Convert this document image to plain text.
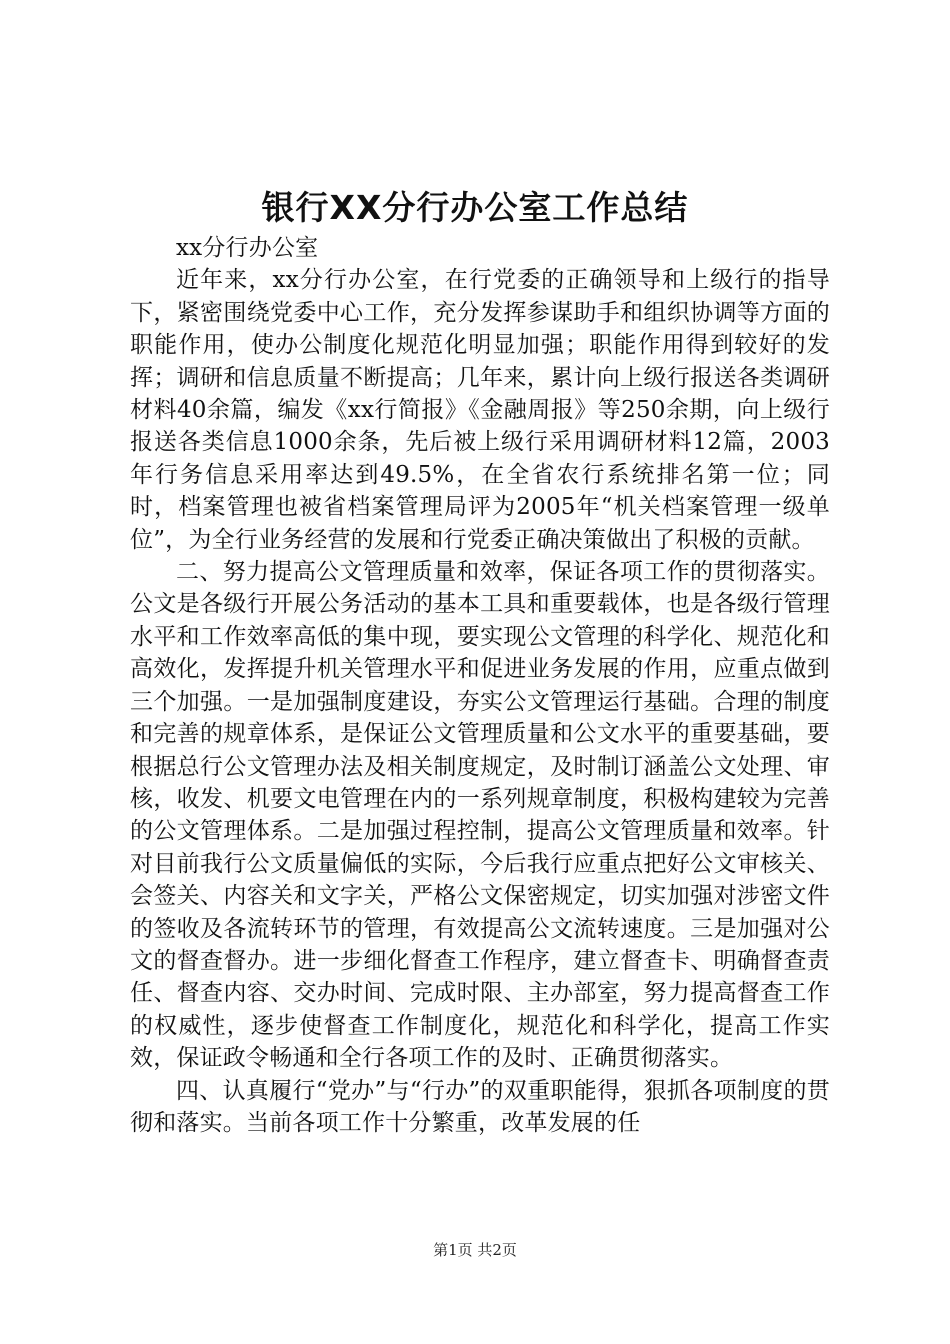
银行XX分行办公室工作总结

xx分行办公室

近年来，xx分行办公室，在行党委的正确领导和上级行的指导下，紧密围绕党委中心工作，充分发挥参谋助手和组织协调等方面的职能作用，使办公制度化规范化明显加强；职能作用得到较好的发挥；调研和信息质量不断提高；几年来，累计向上级行报送各类调研材料40余篇，编发《xx行简报》《金融周报》等250余期，向上级行报送各类信息1000余条，先后被上级行采用调研材料12篇，2003年行务信息采用率达到49.5%，在全省农行系统排名第一位；同时，档案管理也被省档案管理局评为2005年“机关档案管理一级单位”，为全行业务经营的发展和行党委正确决策做出了积极的贡献。

二、努力提高公文管理质量和效率，保证各项工作的贯彻落实。公文是各级行开展公务活动的基本工具和重要载体，也是各级行管理水平和工作效率高低的集中现，要实现公文管理的科学化、规范化和高效化，发挥提升机关管理水平和促进业务发展的作用，应重点做到三个加强。一是加强制度建设，夯实公文管理运行基础。合理的制度和完善的规章体系，是保证公文管理质量和公文水平的重要基础，要根据总行公文管理办法及相关制度规定，及时制订涵盖公文处理、审核，收发、机要文电管理在内的一系列规章制度，积极构建较为完善的公文管理体系。二是加强过程控制，提高公文管理质量和效率。针对目前我行公文质量偏低的实际，今后我行应重点把好公文审核关、会签关、内容关和文字关，严格公文保密规定，切实加强对涉密文件的签收及各流转环节的管理，有效提高公文流转速度。三是加强对公文的督查督办。进一步细化督查工作程序，建立督查卡、明确督查责任、督查内容、交办时间、完成时限、主办部室，努力提高督查工作的权威性，逐步使督查工作制度化，规范化和科学化，提高工作实效，保证政令畅通和全行各项工作的及时、正确贯彻落实。

四、认真履行“党办”与“行办”的双重职能得，狠抓各项制度的贯彻和落实。当前各项工作十分繁重，改革发展的任

第1页 共2页
